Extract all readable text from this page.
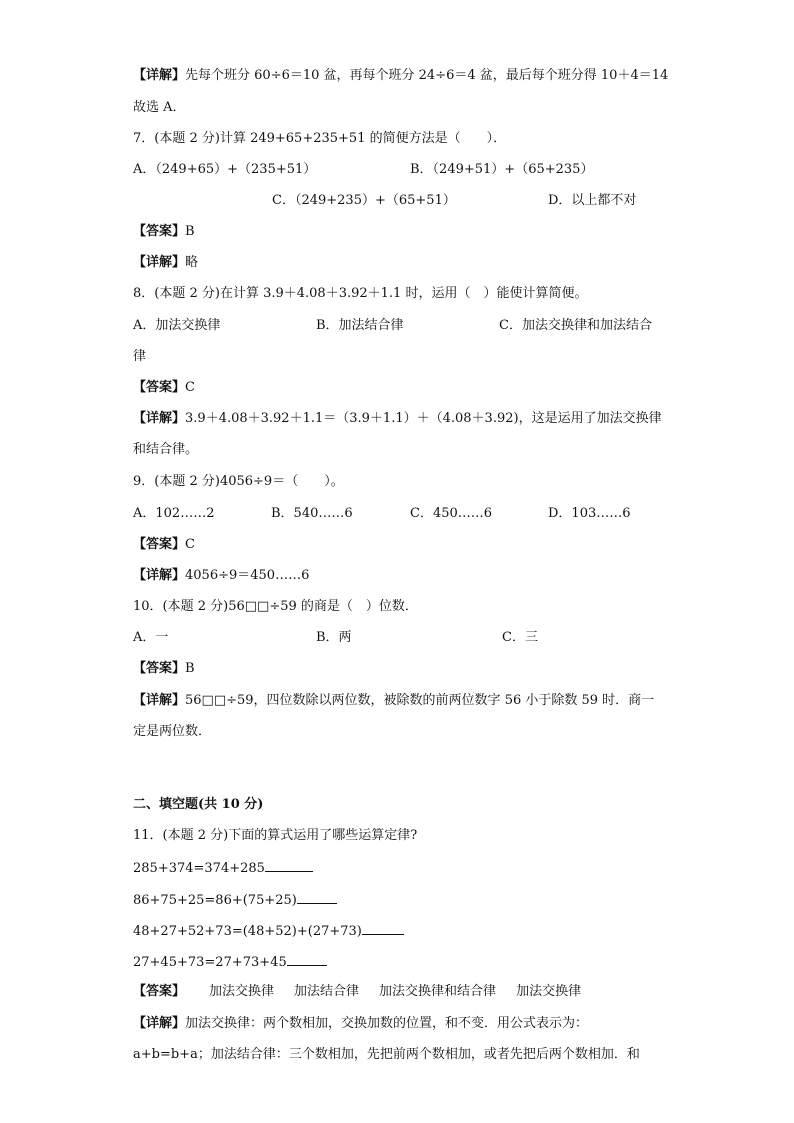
【详解】先每个班分 60÷6＝10 盆，再每个班分 24÷6＝4 盆，最后每个班分得 10＋4＝14
故选 A．
7．(本题 2 分)计算 249+65+235+51 的简便方法是（　　）．
A．（249+65）+（235+51）	B．（249+51）+（65+235）
C．（249+235）+（65+51）	D．以上都不对
【答案】B
【详解】略
8．(本题 2 分)在计算 3.9＋4.08＋3.92＋1.1 时，运用（　）能使计算简便。
A．加法交换律	B．加法结合律	C．加法交换律和加法结合
律
【答案】C
【详解】3.9＋4.08＋3.92＋1.1＝（3.9＋1.1）＋（4.08＋3.92)，这是运用了加法交换律
和结合律。
9．(本题 2 分)4056÷9＝（　　）。
A．102……2	B．540……6	C．450……6	D．103……6
【答案】C
【详解】4056÷9＝450……6
10．(本题 2 分)56□□÷59 的商是（　）位数．
A．一	B．两	C．三
【答案】B
【详解】56□□÷59，四位数除以两位数，被除数的前两位数字 56 小于除数 59 时．商一
定是两位数．
二、填空题(共 10 分)
11．(本题 2 分)下面的算式运用了哪些运算定律?
285+374=374+285
86+75+25=86+(75+25)
48+27+52+73=(48+52)+(27+73)
27+45+73=27+73+45
【答案】 加法交换律 加法结合律 加法交换律和结合律 加法交换律
【详解】加法交换律：两个数相加，交换加数的位置，和不变．用公式表示为：
a+b=b+a；加法结合律：三个数相加，先把前两个数相加，或者先把后两个数相加．和
